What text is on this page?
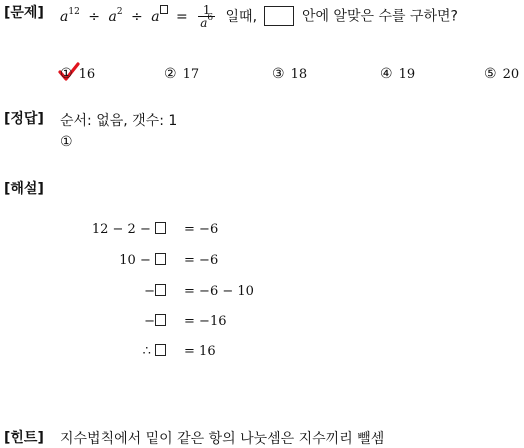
[문제] $a^{12} \div a^2 \div a = \frac{1}{a^6}$ 일때,	안에 알맞은 수를 구하면?
① 16	② 17	③ 18	④ 19	⑤ 20
[정답] 순서: 없음, 갯수: 1
①
[해설]
12 − 2 −	= −6
10 −	= −6
−	= −6 − 10
−	= −16
∴	= 16
[힌트] 지수법칙에서 밑이 같은 항의 나눗셈은 지수끼리 뺄셈
